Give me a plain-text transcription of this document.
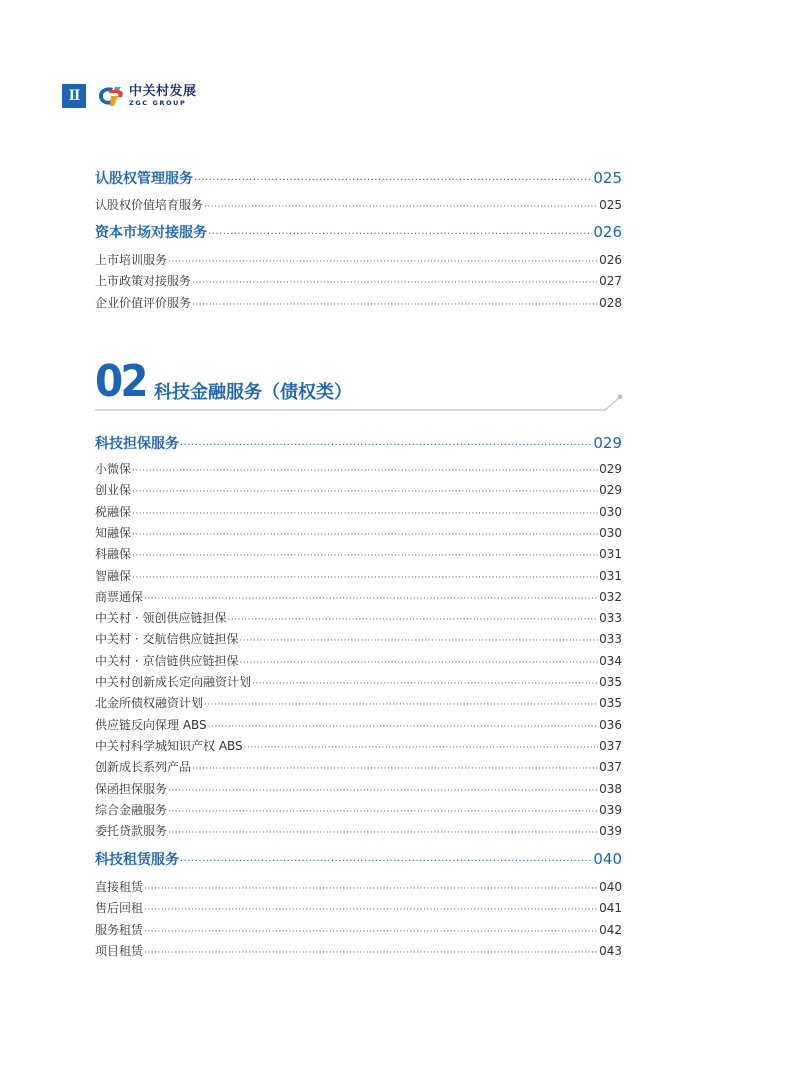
II	中关村发展
ZGC GROUP
认股权管理服务 ·····	025
认股权价值培育服务 ·····	025
资本市场对接服务 ·····	026
上市培训服务 ·····	026
上市政策对接服务 ·····	027
企业价值评价服务 ·····	028
02 科技金融服务（债权类）
科技担保服务 ·····	029
小微保 ·····	029
创业保 ·····	029
税融保 ·····	030
知融保 ·····	030
科融保 ·····	031
智融保 ·····	031
商票通保 ·····	032
中关村 · 领创供应链担保 ·····	033
中关村 · 交航信供应链担保 ·····	033
中关村 · 京信链供应链担保 ·····	034
中关村创新成长定向融资计划 ·····	035
北金所债权融资计划 ·····	035
供应链反向保理 ABS ·····	036
中关村科学城知识产权 ABS ·····	037
创新成长系列产品 ·····	037
保函担保服务 ·····	038
综合金融服务 ·····	039
委托贷款服务 ·····	039
科技租赁服务 ·····	040
直接租赁 ·····	040
售后回租 ·····	041
服务租赁 ·····	042
项目租赁 ·····	043
